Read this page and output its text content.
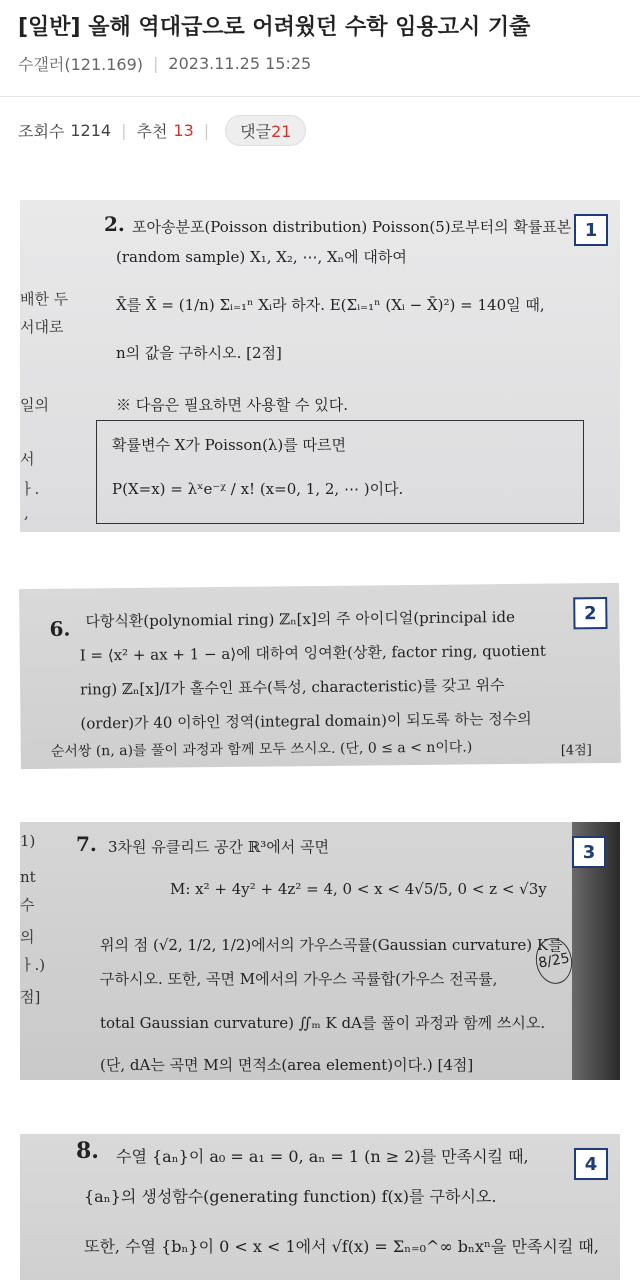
[일반] 올해 역대급으로 어려웠던 수학 임용고시 기출
수갤러(121.169) | 2023.11.25 15:25
조회수 1214 | 추천 13 |	댓글21
1
배한 두
서대로
일의
서
ㅏ.
,
2. 포아송분포(Poisson distribution) Poisson(5)로부터의 확률표본
(random sample) X₁, X₂, ⋯, Xₙ에 대하여
X̄를 X̄ = (1/n) Σᵢ₌₁ⁿ Xᵢ라 하자. E(Σᵢ₌₁ⁿ (Xᵢ − X̄)²) = 140일 때,
n의 값을 구하시오. [2점]
※ 다음은 필요하면 사용할 수 있다.
확률변수 X가 Poisson(λ)를 따르면
P(X=x) = λˣe⁻ᵡ / x! (x=0, 1, 2, ⋯ )이다.
2
6. 다항식환(polynomial ring) ℤₙ[x]의 주 아이디얼(principal ide
I = ⟨x² + ax + 1 − a⟩에 대하여 잉여환(상환, factor ring, quotient
ring) ℤₙ[x]/I가 홀수인 표수(특성, characteristic)를 갖고 위수
(order)가 40 이하인 정역(integral domain)이 되도록 하는 정수의
순서쌍 (n, a)를 풀이 과정과 함께 모두 쓰시오. (단, 0 ≤ a < n이다.)	[4점]
3
1)
nt
수
의
ㅏ.)
점]
7. 3차원 유클리드 공간 ℝ³에서 곡면
M: x² + 4y² + 4z² = 4, 0 < x < 4√5/5, 0 < z < √3y
위의 점 (√2, 1/2, 1/2)에서의 가우스곡률(Gaussian curvature) K를
구하시오. 또한, 곡면 M에서의 가우스 곡률합(가우스 전곡률,
total Gaussian curvature) ∬ₘ K dA를 풀이 과정과 함께 쓰시오.
(단, dA는 곡면 M의 면적소(area element)이다.) [4점]
8/25
4
8. 수열 {aₙ}이 a₀ = a₁ = 0, aₙ = 1 (n ≥ 2)를 만족시킬 때,
{aₙ}의 생성함수(generating function) f(x)를 구하시오.
또한, 수열 {bₙ}이 0 < x < 1에서 √f(x) = Σₙ₌₀^∞ bₙxⁿ을 만족시킬 때,
